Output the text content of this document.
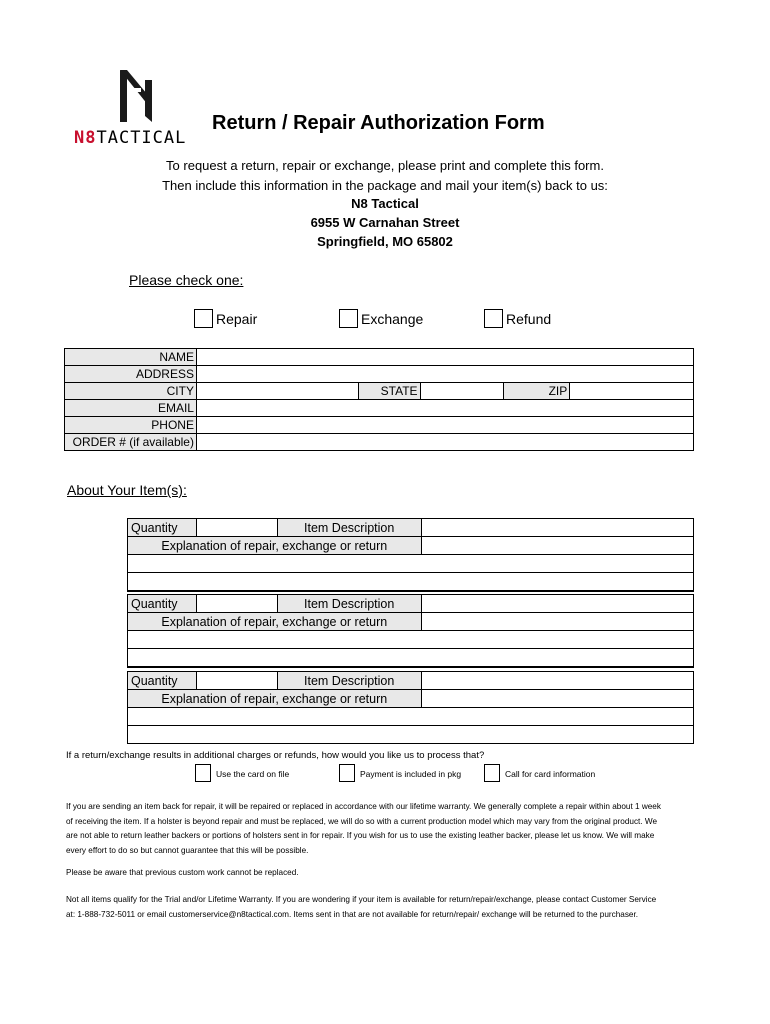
N8TACTICAL
Return / Repair Authorization Form
To request a return, repair or exchange, please print and complete this form.
Then include this information in the package and mail your item(s) back to us:
N8 Tactical
6955 W Carnahan Street
Springfield, MO 65802
Please check one:
Repair	Exchange	Refund
NAME					
ADDRESS					
CITY		STATE		ZIP	
EMAIL					
PHONE					
ORDER # (if available)					
About Your Item(s):
Quantity		Item Description	
Explanation of repair, exchange or return			

Quantity		Item Description	
Explanation of repair, exchange or return			

Quantity		Item Description	
Explanation of repair, exchange or return			

If a return/exchange results in additional charges or refunds, how would you like us to process that?
Use the card on file	Payment is included in pkg	Call for card information
If you are sending an item back for repair, it will be repaired or replaced in accordance with our lifetime warranty. We generally complete a repair within about 1 week of receiving the item. If a holster is beyond repair and must be replaced, we will do so with a current production model which may vary from the original product. We are not able to return leather backers or portions of holsters sent in for repair. If you wish for us to use the existing leather backer, please let us know. We will make every effort to do so but cannot guarantee that this will be possible.
Please be aware that previous custom work cannot be replaced.
Not all items qualify for the Trial and/or Lifetime Warranty. If you are wondering if your item is available for return/repair/exchange, please contact Customer Service at: 1-888-732-5011 or email customerservice@n8tactical.com. Items sent in that are not available for return/repair/ exchange will be returned to the purchaser.
